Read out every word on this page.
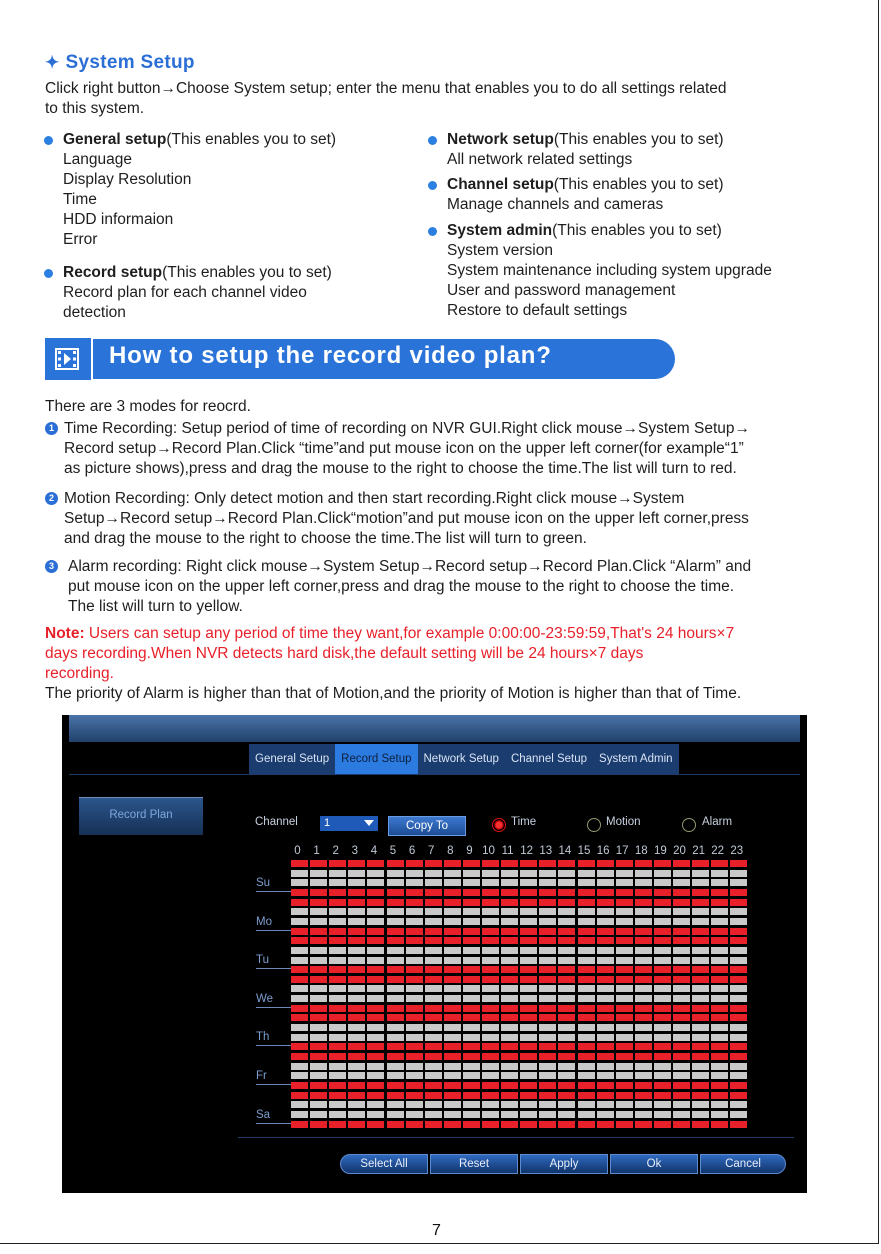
✦ System Setup
Click right button→Choose System setup; enter the menu that enables you to do all settings related
to this system.
General setup(This enables you to set)
Language
Display Resolution
Time
HDD informaion
Error
Record setup(This enables you to set)
Record plan for each channel video
detection
Network setup(This enables you to set)
All network related settings
Channel setup(This enables you to set)
Manage channels and cameras
System admin(This enables you to set)
System version
System maintenance including system upgrade
User and password management
Restore to default settings
How to setup the record video plan?
There are 3 modes for reocrd.
1 Time Recording: Setup period of time of recording on NVR GUI.Right click mouse→System Setup→
Record setup→Record Plan.Click “time”and put mouse icon on the upper left corner(for example“1”
as picture shows),press and drag the mouse to the right to choose the time.The list will turn to red.
2 Motion Recording: Only detect motion and then start recording.Right click mouse→System
Setup→Record setup→Record Plan.Click“motion”and put mouse icon on the upper left corner,press
and drag the mouse to the right to choose the time.The list will turn to green.
3 Alarm recording: Right click mouse→System Setup→Record setup→Record Plan.Click “Alarm” and
put mouse icon on the upper left corner,press and drag the mouse to the right to choose the time.
The list will turn to yellow.
Note: Users can setup any period of time they want,for example 0:00:00-23:59:59,That's 24 hours×7
days recording.When NVR detects hard disk,the default setting will be 24 hours×7 days
recording.
The priority of Alarm is higher than that of Motion,and the priority of Motion is higher than that of Time.
General Setup	Record Setup	Network Setup	Channel Setup	System Admin
Record Plan
Channel	1	Copy To	Time	Motion	Alarm
0	1	2	3	4	5	6	7	8	9 10 11 12 13 14 15 16 17 18 19 20 21 22 23
Su
Mo
Tu
We
Th
Fr
Sa
Select All	Reset	Apply	Ok	Cancel
7
